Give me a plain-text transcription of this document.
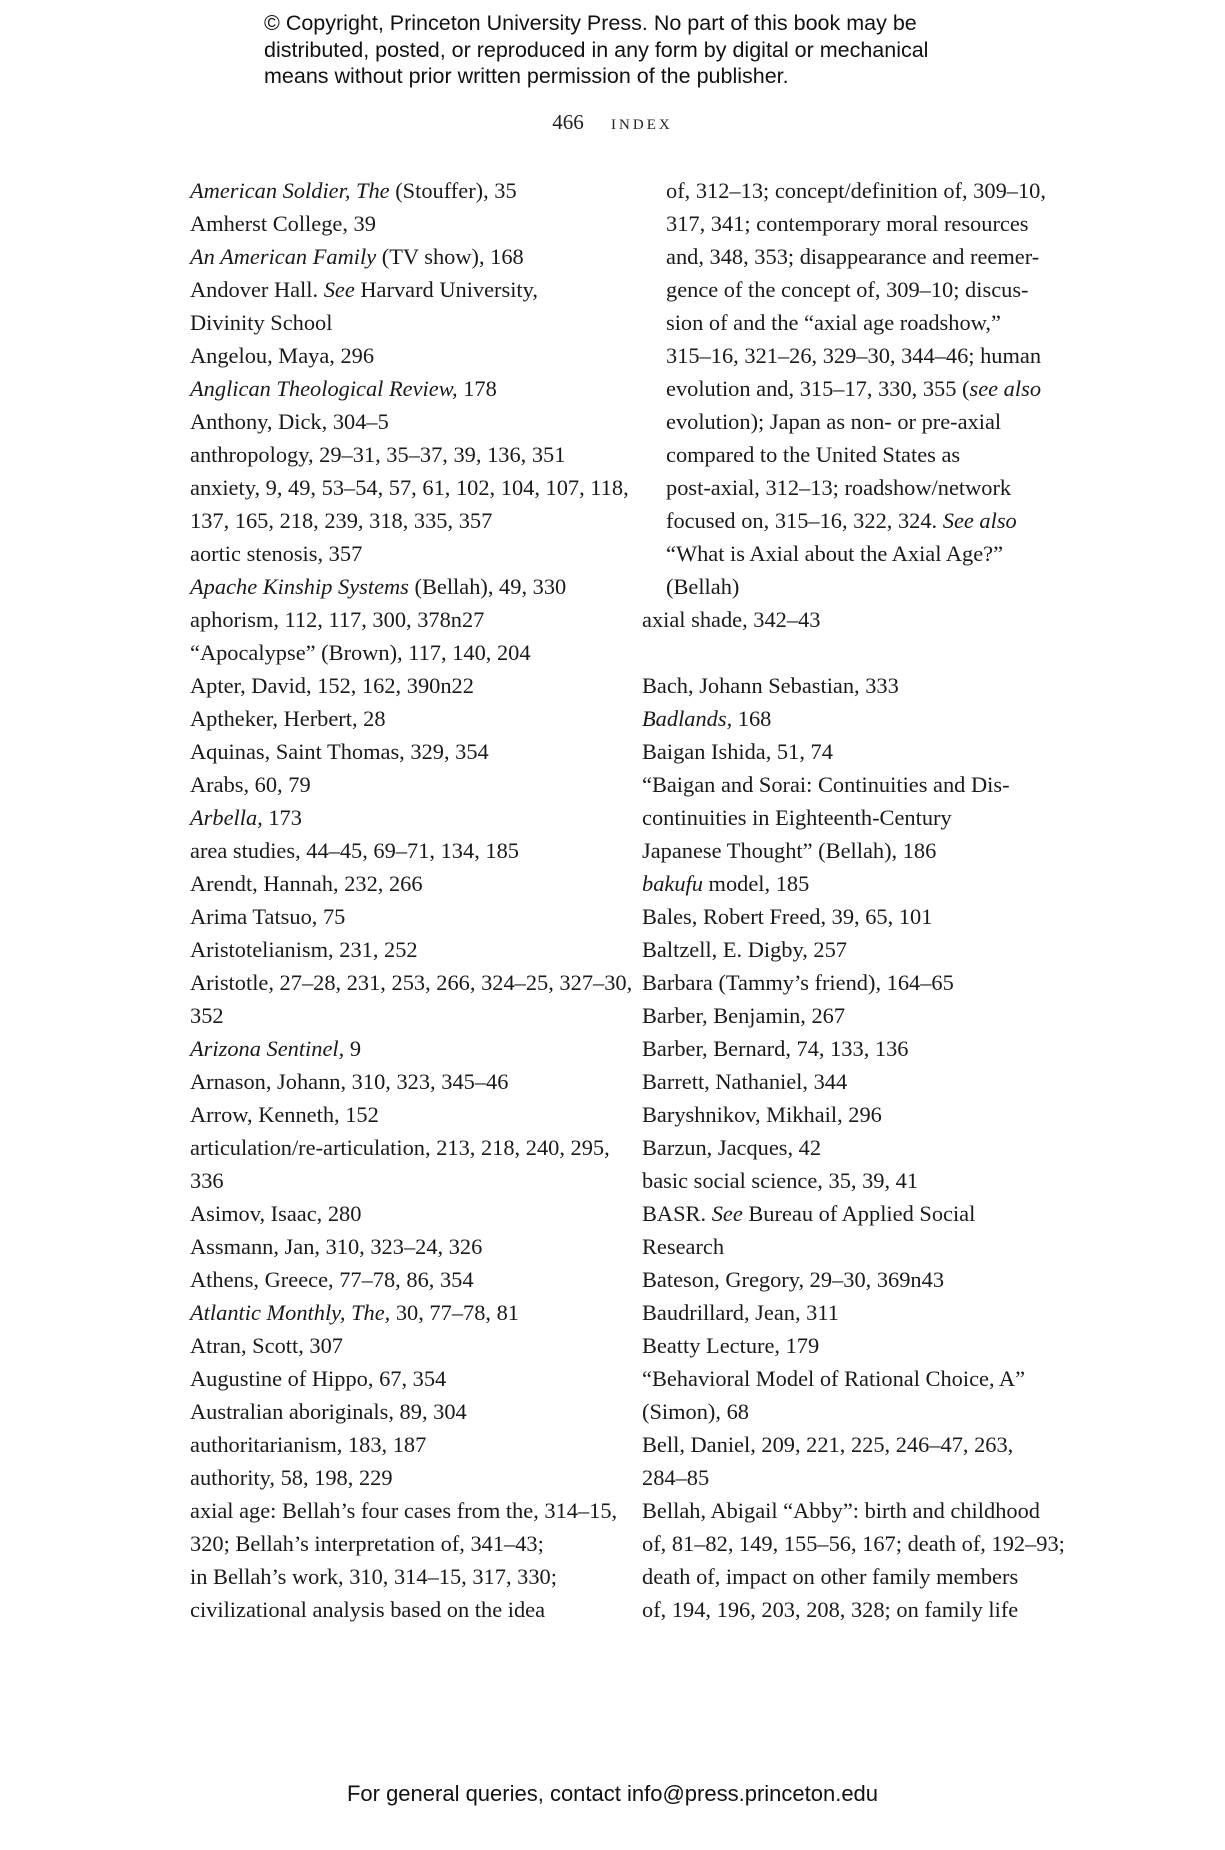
© Copyright, Princeton University Press. No part of this book may be
distributed, posted, or reproduced in any form by digital or mechanical
means without prior written permission of the publisher.
466 index
American Soldier, The (Stouffer), 35
Amherst College, 39
An American Family (TV show), 168
Andover Hall. See Harvard University,
Divinity School
Angelou, Maya, 296
Anglican Theological Review, 178
Anthony, Dick, 304–5
anthropology, 29–31, 35–37, 39, 136, 351
anxiety, 9, 49, 53–54, 57, 61, 102, 104, 107, 118,
137, 165, 218, 239, 318, 335, 357
aortic stenosis, 357
Apache Kinship Systems (Bellah), 49, 330
aphorism, 112, 117, 300, 378n27
“Apocalypse” (Brown), 117, 140, 204
Apter, David, 152, 162, 390n22
Aptheker, Herbert, 28
Aquinas, Saint Thomas, 329, 354
Arabs, 60, 79
Arbella, 173
area studies, 44–45, 69–71, 134, 185
Arendt, Hannah, 232, 266
Arima Tatsuo, 75
Aristotelianism, 231, 252
Aristotle, 27–28, 231, 253, 266, 324–25, 327–30,
352
Arizona Sentinel, 9
Arnason, Johann, 310, 323, 345–46
Arrow, Kenneth, 152
articulation/re-articulation, 213, 218, 240, 295,
336
Asimov, Isaac, 280
Assmann, Jan, 310, 323–24, 326
Athens, Greece, 77–78, 86, 354
Atlantic Monthly, The, 30, 77–78, 81
Atran, Scott, 307
Augustine of Hippo, 67, 354
Australian aboriginals, 89, 304
authoritarianism, 183, 187
authority, 58, 198, 229
axial age: Bellah’s four cases from the, 314–15,
320; Bellah’s interpretation of, 341–43;
in Bellah’s work, 310, 314–15, 317, 330;
civilizational analysis based on the idea
of, 312–13; concept/definition of, 309–10,
317, 341; contemporary moral resources
and, 348, 353; disappearance and reemer-
gence of the concept of, 309–10; discus-
sion of and the “axial age roadshow,”
315–16, 321–26, 329–30, 344–46; human
evolution and, 315–17, 330, 355 (see also
evolution); Japan as non- or pre-axial
compared to the United States as
post-axial, 312–13; roadshow/network
focused on, 315–16, 322, 324. See also
“What is Axial about the Axial Age?”
(Bellah)
axial shade, 342–43
Bach, Johann Sebastian, 333
Badlands, 168
Baigan Ishida, 51, 74
“Baigan and Sorai: Continuities and Dis-
continuities in Eighteenth-Century
Japanese Thought” (Bellah), 186
bakufu model, 185
Bales, Robert Freed, 39, 65, 101
Baltzell, E. Digby, 257
Barbara (Tammy’s friend), 164–65
Barber, Benjamin, 267
Barber, Bernard, 74, 133, 136
Barrett, Nathaniel, 344
Baryshnikov, Mikhail, 296
Barzun, Jacques, 42
basic social science, 35, 39, 41
BASR. See Bureau of Applied Social
Research
Bateson, Gregory, 29–30, 369n43
Baudrillard, Jean, 311
Beatty Lecture, 179
“Behavioral Model of Rational Choice, A”
(Simon), 68
Bell, Daniel, 209, 221, 225, 246–47, 263,
284–85
Bellah, Abigail “Abby”: birth and childhood
of, 81–82, 149, 155–56, 167; death of, 192–93;
death of, impact on other family members
of, 194, 196, 203, 208, 328; on family life
For general queries, contact info@press.princeton.edu
